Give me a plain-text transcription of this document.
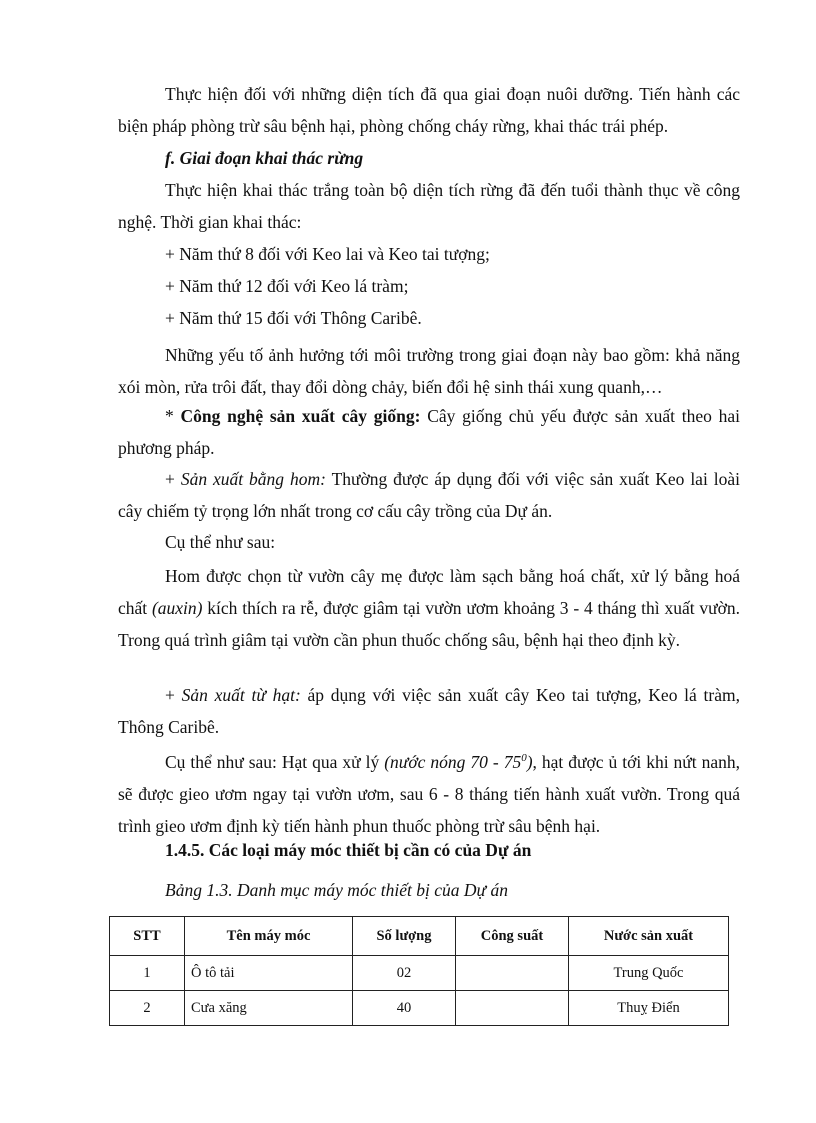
Thực hiện đối với những diện tích đã qua giai đoạn nuôi dưỡng. Tiến hành các biện pháp phòng trừ sâu bệnh hại, phòng chống cháy rừng, khai thác trái phép.

f. Giai đoạn khai thác rừng

Thực hiện khai thác trắng toàn bộ diện tích rừng đã đến tuổi thành thục về công nghệ. Thời gian khai thác:

+ Năm thứ 8 đối với Keo lai và Keo tai tượng;

+ Năm thứ 12 đối với Keo lá tràm;

+ Năm thứ 15 đối với Thông Caribê.

Những yếu tố ảnh hưởng tới môi trường trong giai đoạn này bao gồm: khả năng xói mòn, rửa trôi đất, thay đổi dòng chảy, biến đổi hệ sinh thái xung quanh,…

* Công nghệ sản xuất cây giống: Cây giống chủ yếu được sản xuất theo hai phương pháp.

+ Sản xuất bằng hom: Thường được áp dụng đối với việc sản xuất Keo lai loài cây chiếm tỷ trọng lớn nhất trong cơ cấu cây trồng của Dự án.

Cụ thể như sau:

Hom được chọn từ vườn cây mẹ được làm sạch bằng hoá chất, xử lý bằng hoá chất (auxin) kích thích ra rễ, được giâm tại vườn ươm khoảng 3 - 4 tháng thì xuất vườn. Trong quá trình giâm tại vườn cần phun thuốc chống sâu, bệnh hại theo định kỳ.

+ Sản xuất từ hạt: áp dụng với việc sản xuất cây Keo tai tượng, Keo lá tràm, Thông Caribê.

Cụ thể như sau: Hạt qua xử lý (nước nóng $70 - 75^0$), hạt được ủ tới khi nứt nanh, sẽ được gieo ươm ngay tại vườn ươm, sau 6 - 8 tháng tiến hành xuất vườn. Trong quá trình gieo ươm định kỳ tiến hành phun thuốc phòng trừ sâu bệnh hại.

1.4.5. Các loại máy móc thiết bị cần có của Dự án

Bảng 1.3. Danh mục máy móc thiết bị của Dự án
STT	Tên máy móc	Số lượng	Công suất	Nước sản xuất
1	Ô tô tải	02		Trung Quốc
2	Cưa xăng	40		Thuỵ Điển
